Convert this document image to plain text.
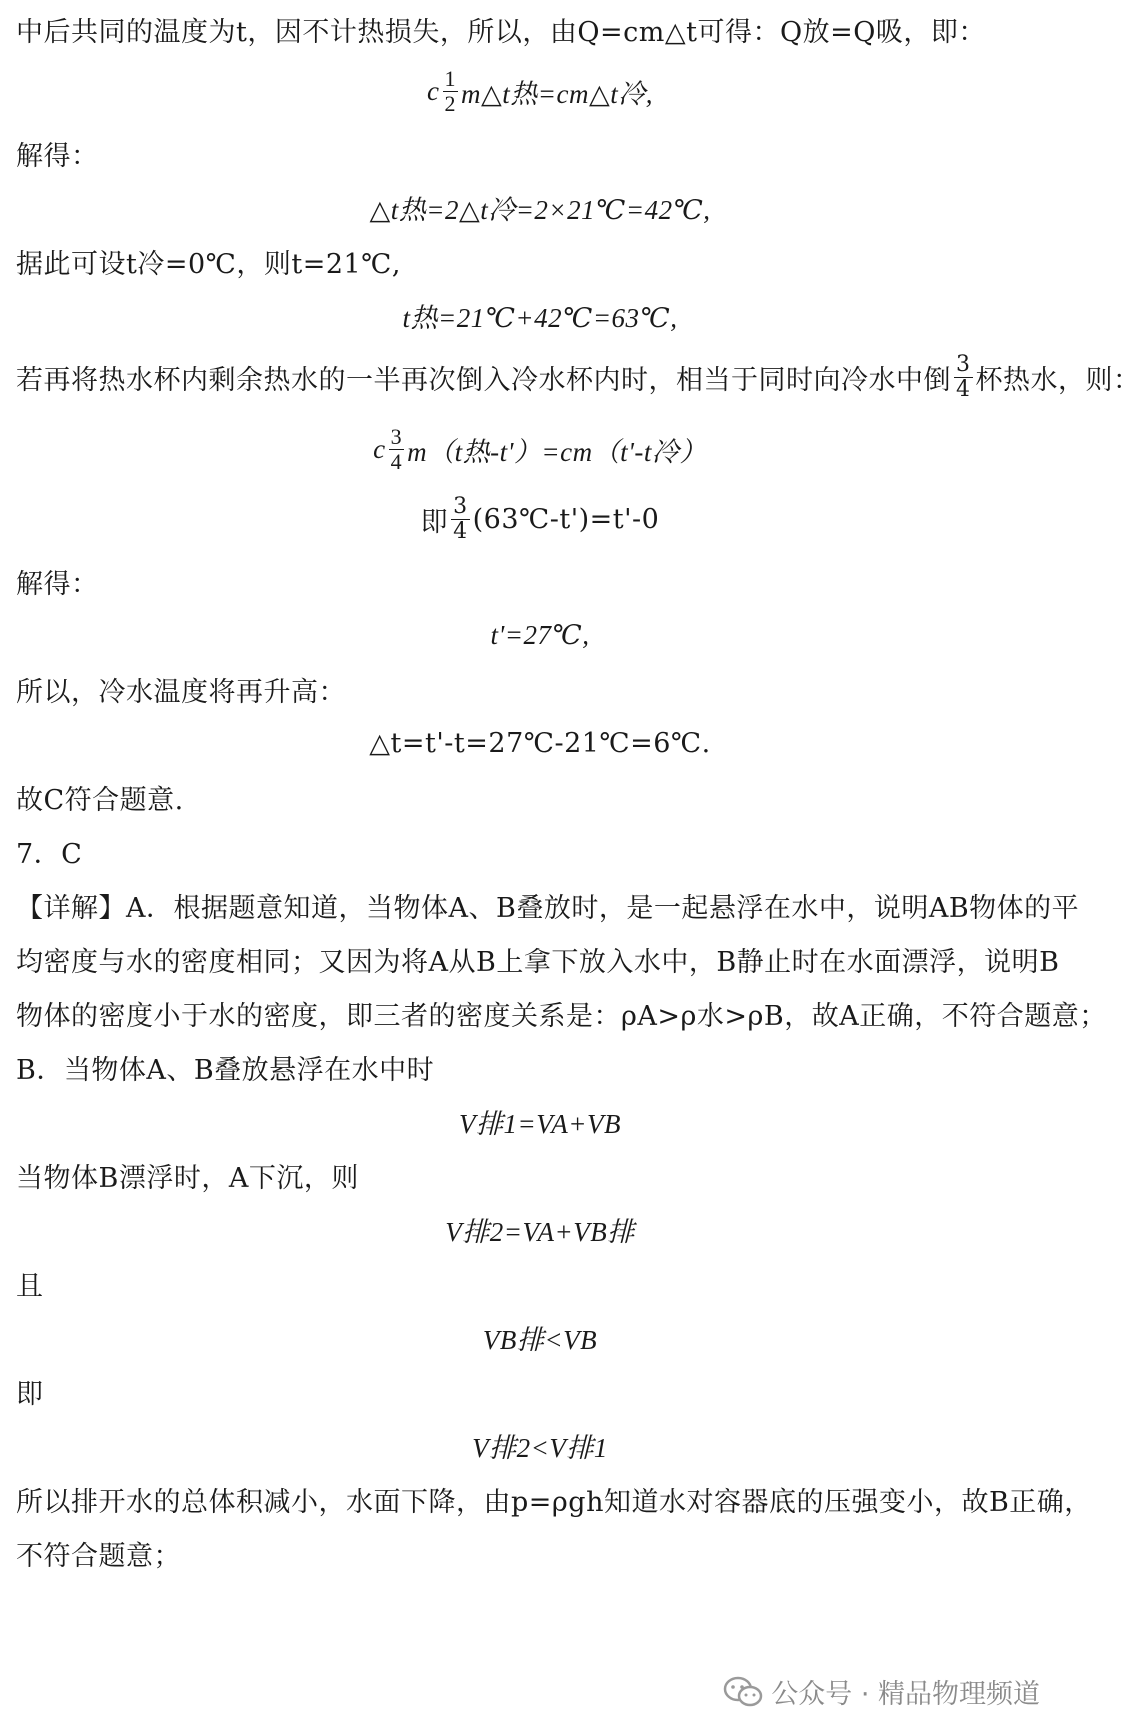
中后共同的温度为t，因不计热损失，所以，由Q=cm△t可得：Q放=Q吸，即：
c $\frac{1}{2}$ m△t热=cm△t冷,
解得：
△t热=2△t冷=2×21℃=42℃,
据此可设t冷=0℃，则t=21℃,
t热=21℃+42℃=63℃,
若再将热水杯内剩余热水的一半再次倒入冷水杯内时，相当于同时向冷水中倒 $\frac{3}{4}$ 杯热水，则：
c $\frac{3}{4} m(t$热-t'）=cm（t'-t冷）
即 $\frac{3}{4}$ (63℃-t')=t'-0
解得：
t'=27℃,
所以，冷水温度将再升高：
△t=t'-t=27℃-21℃=6℃.
故C符合题意.
7．C
【详解】A．根据题意知道，当物体A、B叠放时，是一起悬浮在水中，说明AB物体的平
均密度与水的密度相同；又因为将A从B上拿下放入水中，B静止时在水面漂浮，说明B
物体的密度小于水的密度，即三者的密度关系是：ρA>ρ水>ρB，故A正确，不符合题意；
B．当物体A、B叠放悬浮在水中时
V排1=VA+VB
当物体B漂浮时，A下沉，则
V排2=VA+VB排
且
VB排<VB
即
V排2<V排1
所以排开水的总体积减小，水面下降，由p=ρgh知道水对容器底的压强变小，故B正确，
不符合题意；
公众号 · 精品物理频道
